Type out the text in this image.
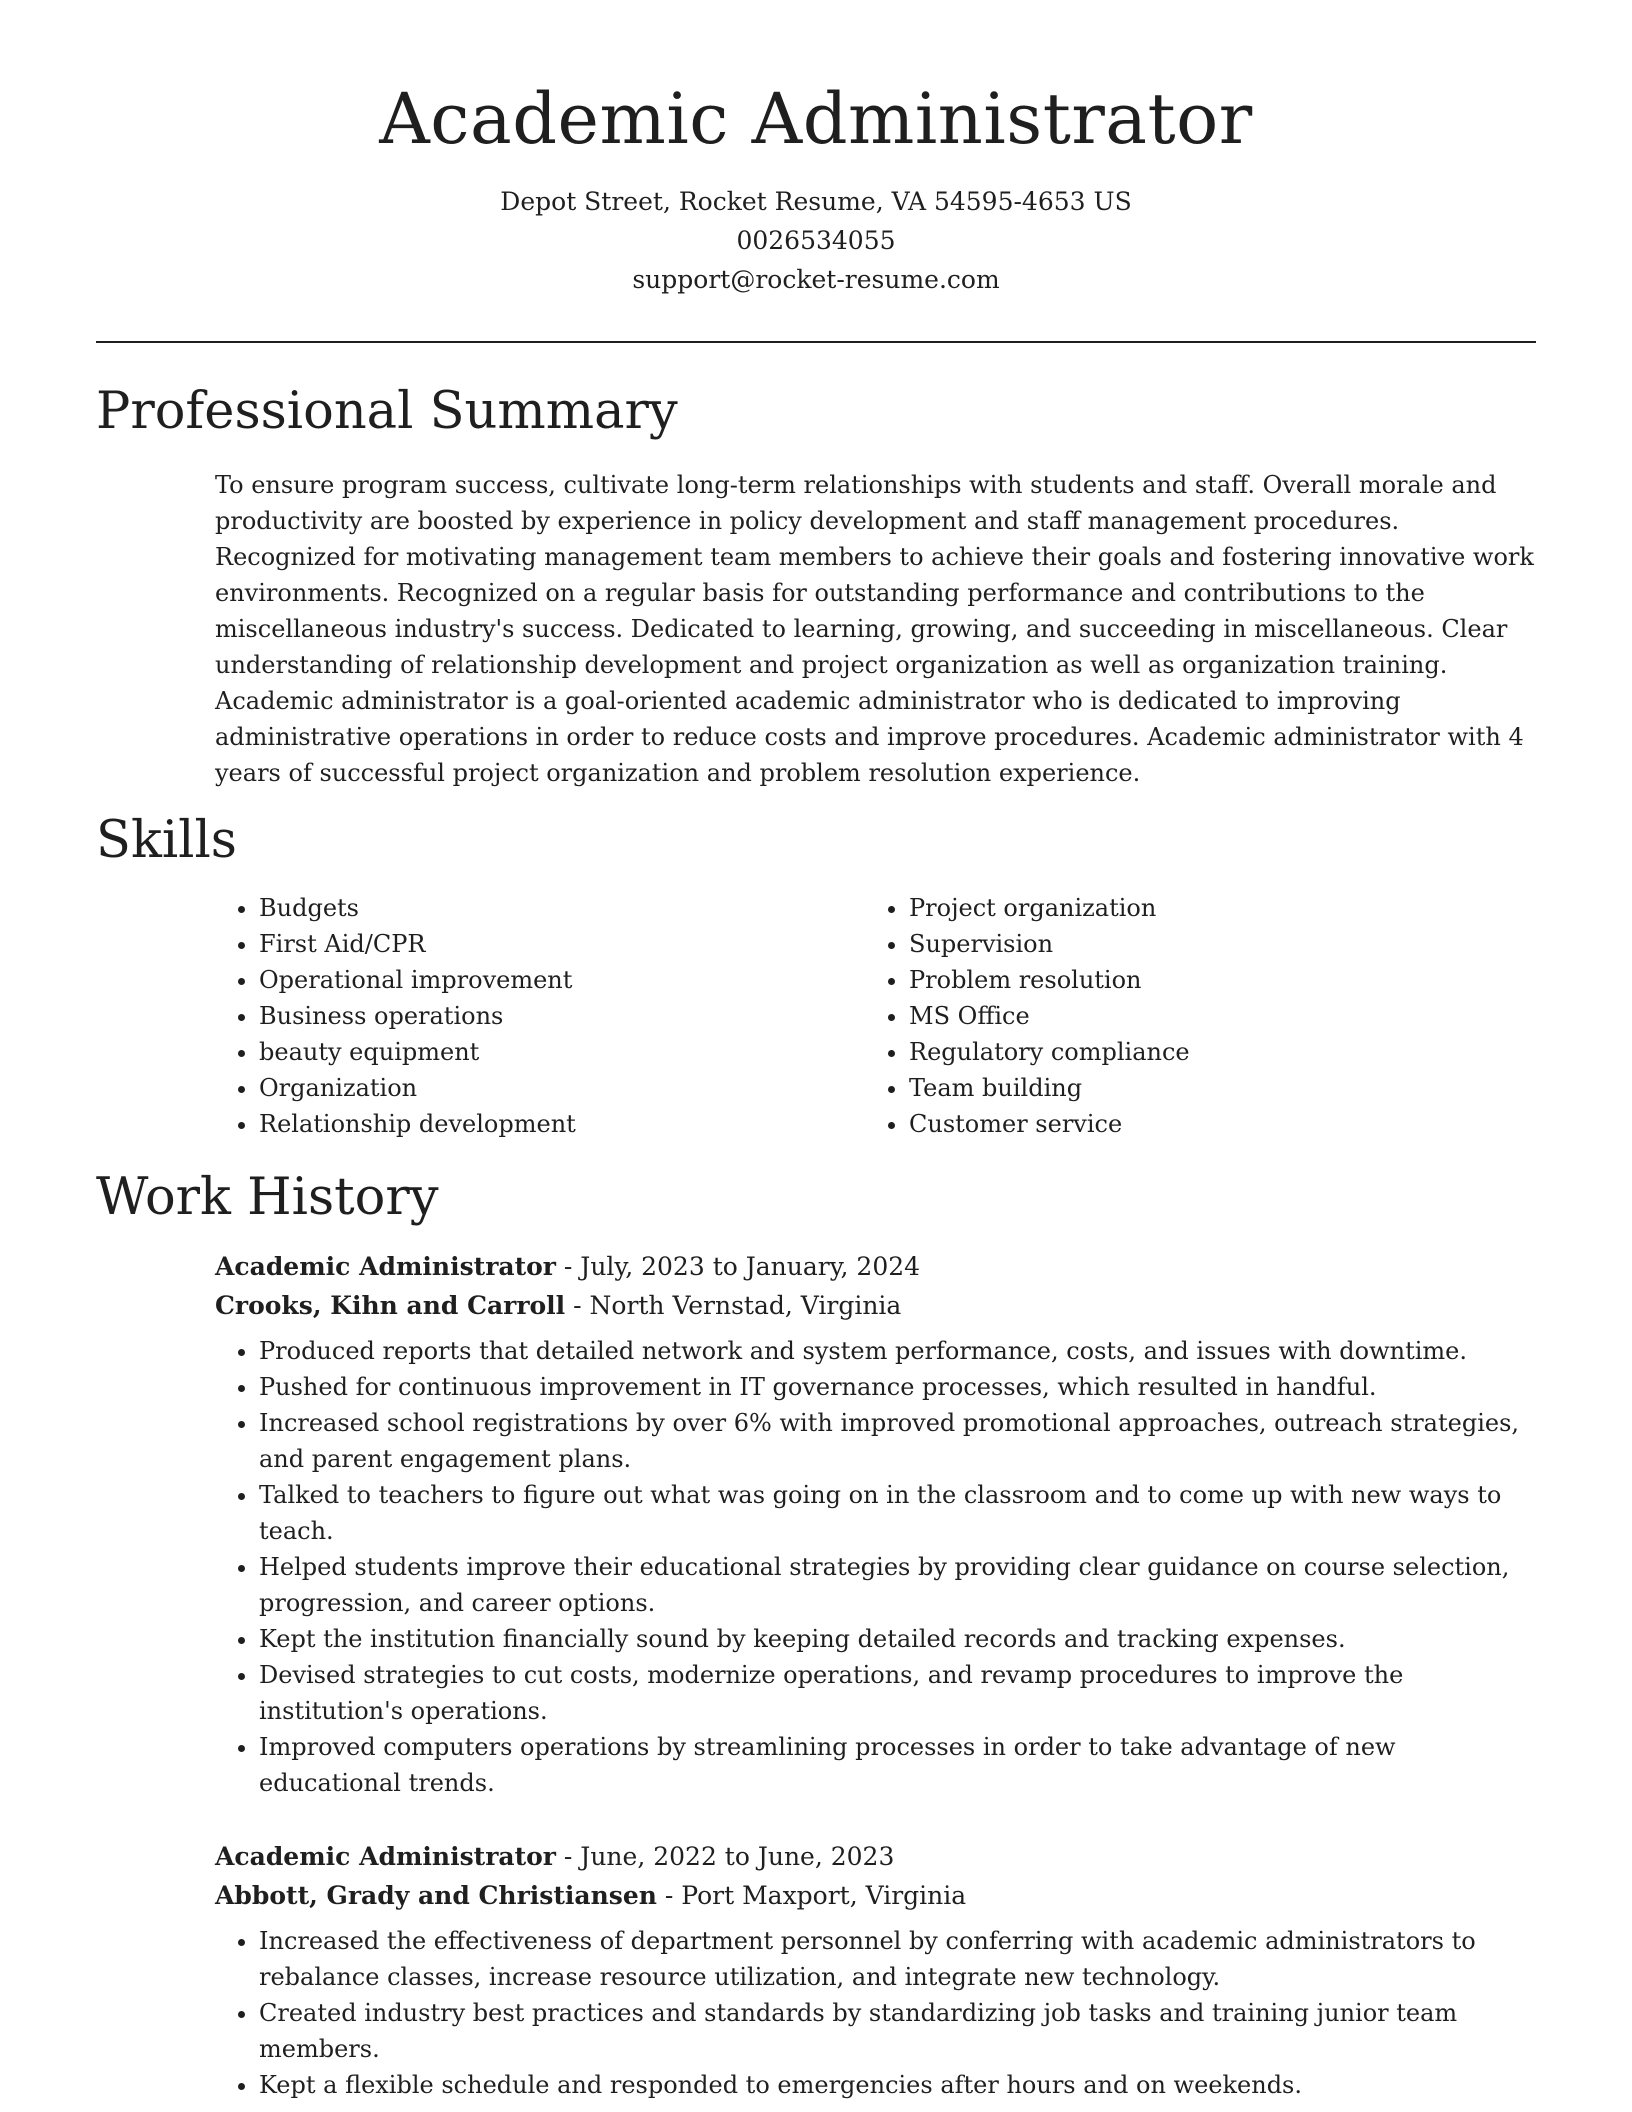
Academic Administrator
Depot Street, Rocket Resume, VA 54595-4653 US
0026534055
support@rocket-resume.com
Professional Summary
To ensure program success, cultivate long-term relationships with students and staff. Overall morale and productivity are boosted by experience in policy development and staff management procedures. Recognized for motivating management team members to achieve their goals and fostering innovative work environments. Recognized on a regular basis for outstanding performance and contributions to the miscellaneous industry's success. Dedicated to learning, growing, and succeeding in miscellaneous. Clear understanding of relationship development and project organization as well as organization training. Academic administrator is a goal-oriented academic administrator who is dedicated to improving administrative operations in order to reduce costs and improve procedures. Academic administrator with 4 years of successful project organization and problem resolution experience.
Skills
• Budgets
• First Aid/CPR
• Operational improvement
• Business operations
• beauty equipment
• Organization
• Relationship development
• Project organization
• Supervision
• Problem resolution
• MS Office
• Regulatory compliance
• Team building
• Customer service
Work History
Academic Administrator - July, 2023 to January, 2024
Crooks, Kihn and Carroll - North Vernstad, Virginia
• Produced reports that detailed network and system performance, costs, and issues with downtime.
• Pushed for continuous improvement in IT governance processes, which resulted in handful.
• Increased school registrations by over 6% with improved promotional approaches, outreach strategies, and parent engagement plans.
• Talked to teachers to figure out what was going on in the classroom and to come up with new ways to teach.
• Helped students improve their educational strategies by providing clear guidance on course selection, progression, and career options.
• Kept the institution financially sound by keeping detailed records and tracking expenses.
• Devised strategies to cut costs, modernize operations, and revamp procedures to improve the institution's operations.
• Improved computers operations by streamlining processes in order to take advantage of new educational trends.
Academic Administrator - June, 2022 to June, 2023
Abbott, Grady and Christiansen - Port Maxport, Virginia
• Increased the effectiveness of department personnel by conferring with academic administrators to rebalance classes, increase resource utilization, and integrate new technology.
• Created industry best practices and standards by standardizing job tasks and training junior team members.
• Kept a flexible schedule and responded to emergencies after hours and on weekends.
